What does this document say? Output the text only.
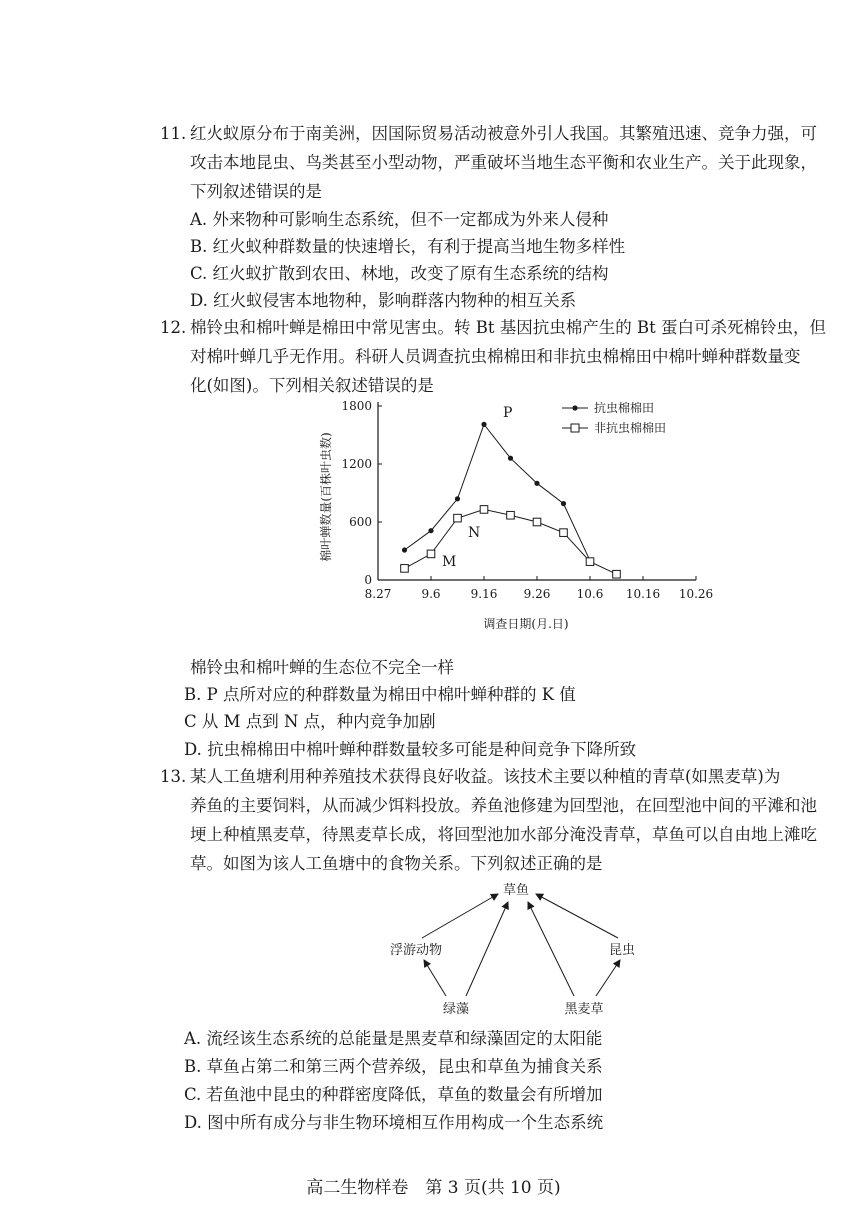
11. 红火蚁原分布于南美洲，因国际贸易活动被意外引人我国。其繁殖迅速、竞争力强，可
攻击本地昆虫、鸟类甚至小型动物，严重破坏当地生态平衡和农业生产。关于此现象，
下列叙述错误的是
A. 外来物种可影响生态系统，但不一定都成为外来人侵种
B. 红火蚁种群数量的快速增长，有利于提高当地生物多样性
C. 红火蚁扩散到农田、林地，改变了原有生态系统的结构
D. 红火蚁侵害本地物种，影响群落内物种的相互关系
12. 棉铃虫和棉叶蝉是棉田中常见害虫。转 Bt 基因抗虫棉产生的 Bt 蛋白可杀死棉铃虫，但
对棉叶蝉几乎无作用。科研人员调查抗虫棉棉田和非抗虫棉棉田中棉叶蝉种群数量变
化(如图)。下列相关叙述错误的是
0
600
1200
1800
8.27	9.6	9.16 9.26 10.6 10.16 10.26
抗虫棉棉田
非抗虫棉棉田
棉叶蝉数量(百株叶虫数)
调查日期(月.日)
P
N
M
棉铃虫和棉叶蝉的生态位不完全一样
B. P 点所对应的种群数量为棉田中棉叶蝉种群的 K 值
C 从 M 点到 N 点，种内竞争加剧
D. 抗虫棉棉田中棉叶蝉种群数量较多可能是种间竞争下降所致
13. 某人工鱼塘利用种养殖技术获得良好收益。该技术主要以种植的青草(如黑麦草)为
养鱼的主要饲料，从而减少饵料投放。养鱼池修建为回型池，在回型池中间的平滩和池
埂上种植黑麦草，待黑麦草长成，将回型池加水部分淹没青草，草鱼可以自由地上滩吃
草。如图为该人工鱼塘中的食物关系。下列叙述正确的是
草鱼
浮游动物	昆虫
绿藻	黑麦草
A. 流经该生态系统的总能量是黑麦草和绿藻固定的太阳能
B. 草鱼占第二和第三两个营养级，昆虫和草鱼为捕食关系
C. 若鱼池中昆虫的种群密度降低，草鱼的数量会有所增加
D. 图中所有成分与非生物环境相互作用构成一个生态系统
高二生物样卷　第 3 页(共 10 页)
